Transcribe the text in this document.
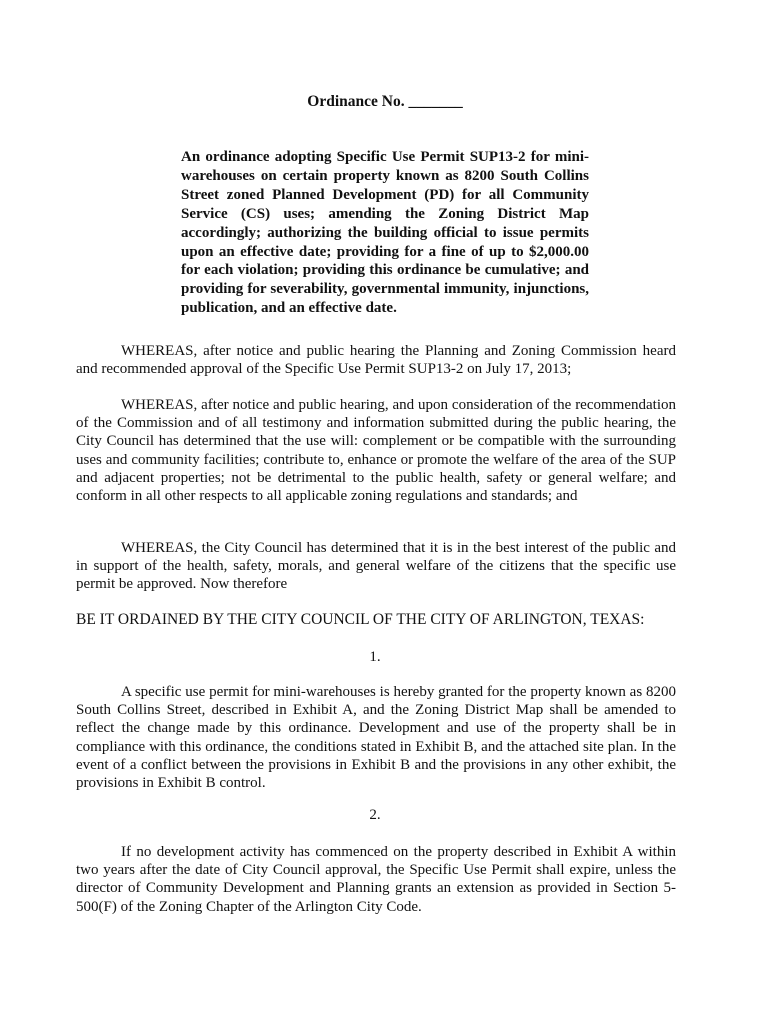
Ordinance No. _______
An ordinance adopting Specific Use Permit SUP13-2 for mini-warehouses on certain property known as 8200 South Collins Street zoned Planned Development (PD) for all Community Service (CS) uses; amending the Zoning District Map accordingly; authorizing the building official to issue permits upon an effective date; providing for a fine of up to $2,000.00 for each violation; providing this ordinance be cumulative; and providing for severability, governmental immunity, injunctions, publication, and an effective date.

WHEREAS, after notice and public hearing the Planning and Zoning Commission heard and recommended approval of the Specific Use Permit SUP13-2 on July 17, 2013;

WHEREAS, after notice and public hearing, and upon consideration of the recommendation of the Commission and of all testimony and information submitted during the public hearing, the City Council has determined that the use will: complement or be compatible with the surrounding uses and community facilities; contribute to, enhance or promote the welfare of the area of the SUP and adjacent properties; not be detrimental to the public health, safety or general welfare; and conform in all other respects to all applicable zoning regulations and standards; and

WHEREAS, the City Council has determined that it is in the best interest of the public and in support of the health, safety, morals, and general welfare of the citizens that the specific use permit be approved. Now therefore

BE IT ORDAINED BY THE CITY COUNCIL OF THE CITY OF ARLINGTON, TEXAS:

1.

A specific use permit for mini-warehouses is hereby granted for the property known as 8200 South Collins Street, described in Exhibit A, and the Zoning District Map shall be amended to reflect the change made by this ordinance. Development and use of the property shall be in compliance with this ordinance, the conditions stated in Exhibit B, and the attached site plan. In the event of a conflict between the provisions in Exhibit B and the provisions in any other exhibit, the provisions in Exhibit B control.

2.

If no development activity has commenced on the property described in Exhibit A within two years after the date of City Council approval, the Specific Use Permit shall expire, unless the director of Community Development and Planning grants an extension as provided in Section 5-500(F) of the Zoning Chapter of the Arlington City Code.
